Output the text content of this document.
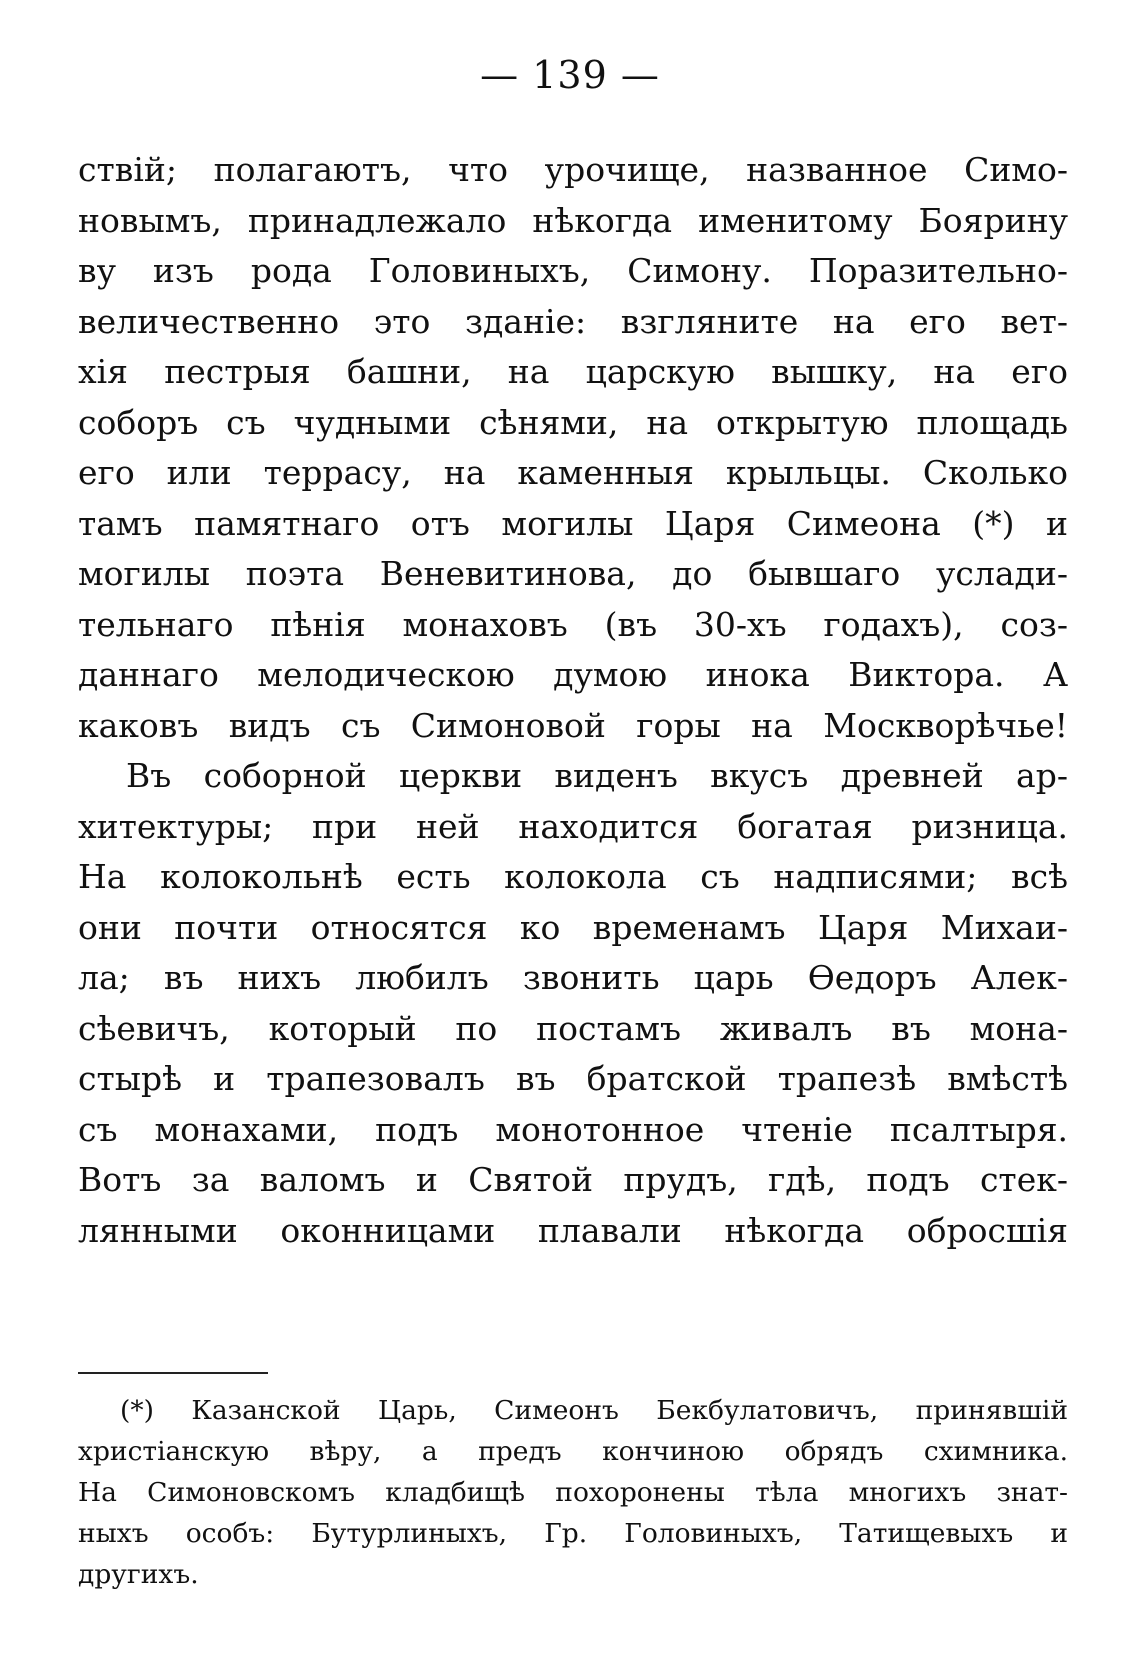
— 139 —
ствій; полагаютъ, что урочище, названное Симо-
новымъ, принадлежало нѣкогда именитому Боярину
ву изъ рода Головиныхъ, Симону. Поразительно-
величественно это зданіе: взгляните на его вет-
хія пестрыя башни, на царскую вышку, на его
соборъ съ чудными сѣнями, на открытую площадь
его или террасу, на каменныя крыльцы. Сколько
тамъ памятнаго отъ могилы Царя Симеона (*) и
могилы поэта Веневитинова, до бывшаго услади-
тельнаго пѣнія монаховъ (въ 30-хъ годахъ), соз-
даннаго мелодическою думою инока Виктора. А
каковъ видъ съ Симоновой горы на Москворѣчье!
Въ соборной церкви виденъ вкусъ древней ар-
хитектуры; при ней находится богатая ризница.
На колокольнѣ есть колокола съ надписями; всѣ
они почти относятся ко временамъ Царя Михаи-
ла; въ нихъ любилъ звонить царь Ѳедоръ Алек-
сѣевичъ, который по постамъ живалъ въ мона-
стырѣ и трапезовалъ въ братской трапезѣ вмѣстѣ
съ монахами, подъ монотонное чтеніе псалтыря.
Вотъ за валомъ и Святой прудъ, гдѣ, подъ стек-
лянными оконницами плавали нѣкогда обросшія
(*) Казанской Царь, Симеонъ Бекбулатовичъ, принявшій
христіанскую вѣру, а предъ кончиною обрядъ схимника.
На Симоновскомъ кладбищѣ похоронены тѣла многихъ знат-
ныхъ особъ: Бутурлиныхъ, Гр. Головиныхъ, Татищевыхъ и
другихъ.
